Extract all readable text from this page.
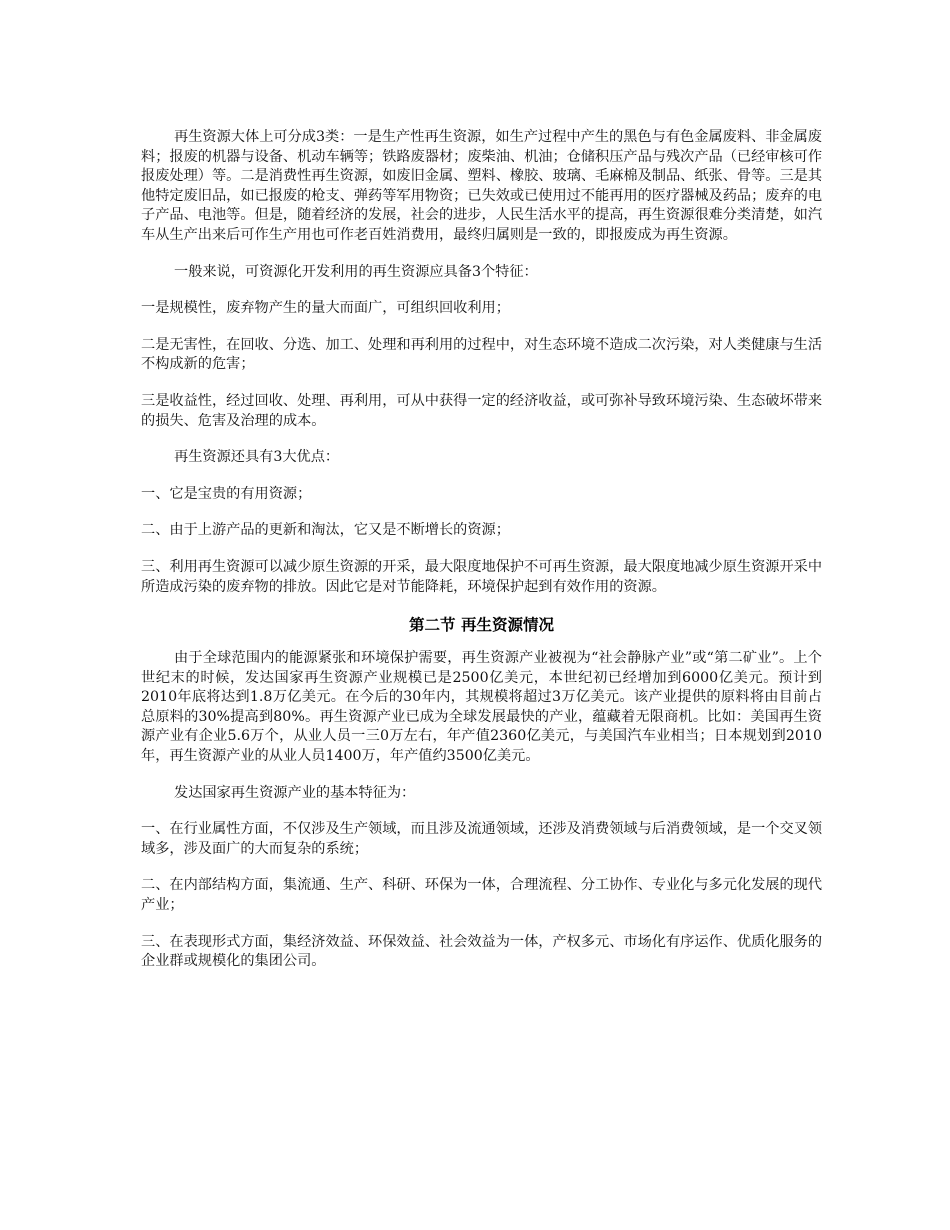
再生资源大体上可分成3类：一是生产性再生资源，如生产过程中产生的黑色与有色金属废料、非金属废料；报废的机器与设备、机动车辆等；铁路废器材；废柴油、机油；仓储积压产品与残次产品（已经审核可作报废处理）等。二是消费性再生资源，如废旧金属、塑料、橡胶、玻璃、毛麻棉及制品、纸张、骨等。三是其他特定废旧品，如已报废的枪支、弹药等军用物资；已失效或已使用过不能再用的医疗器械及药品；废弃的电子产品、电池等。但是，随着经济的发展，社会的进步，人民生活水平的提高，再生资源很难分类清楚，如汽车从生产出来后可作生产用也可作老百姓消费用，最终归属则是一致的，即报废成为再生资源。

一般来说，可资源化开发利用的再生资源应具备3个特征：

一是规模性，废弃物产生的量大而面广，可组织回收利用；

二是无害性，在回收、分选、加工、处理和再利用的过程中，对生态环境不造成二次污染，对人类健康与生活不构成新的危害；

三是收益性，经过回收、处理、再利用，可从中获得一定的经济收益，或可弥补导致环境污染、生态破坏带来的损失、危害及治理的成本。

再生资源还具有3大优点：

一、它是宝贵的有用资源；

二、由于上游产品的更新和淘汰，它又是不断增长的资源；

三、利用再生资源可以减少原生资源的开采，最大限度地保护不可再生资源，最大限度地减少原生资源开采中所造成污染的废弃物的排放。因此它是对节能降耗，环境保护起到有效作用的资源。

第二节 再生资源情况

由于全球范围内的能源紧张和环境保护需要，再生资源产业被视为“社会静脉产业”或“第二矿业”。上个世纪末的时候，发达国家再生资源产业规模已是2500亿美元，本世纪初已经增加到6000亿美元。预计到2010年底将达到1.8万亿美元。在今后的30年内，其规模将超过3万亿美元。该产业提供的原料将由目前占总原料的30%提高到80%。再生资源产业已成为全球发展最快的产业，蕴藏着无限商机。比如：美国再生资源产业有企业5.6万个，从业人员一三0万左右，年产值2360亿美元，与美国汽车业相当；日本规划到2010年，再生资源产业的从业人员1400万，年产值约3500亿美元。

发达国家再生资源产业的基本特征为：

一、在行业属性方面，不仅涉及生产领域，而且涉及流通领域，还涉及消费领域与后消费领域，是一个交叉领域多，涉及面广的大而复杂的系统；

二、在内部结构方面，集流通、生产、科研、环保为一体，合理流程、分工协作、专业化与多元化发展的现代产业；

三、在表现形式方面，集经济效益、环保效益、社会效益为一体，产权多元、市场化有序运作、优质化服务的企业群或规模化的集团公司。
